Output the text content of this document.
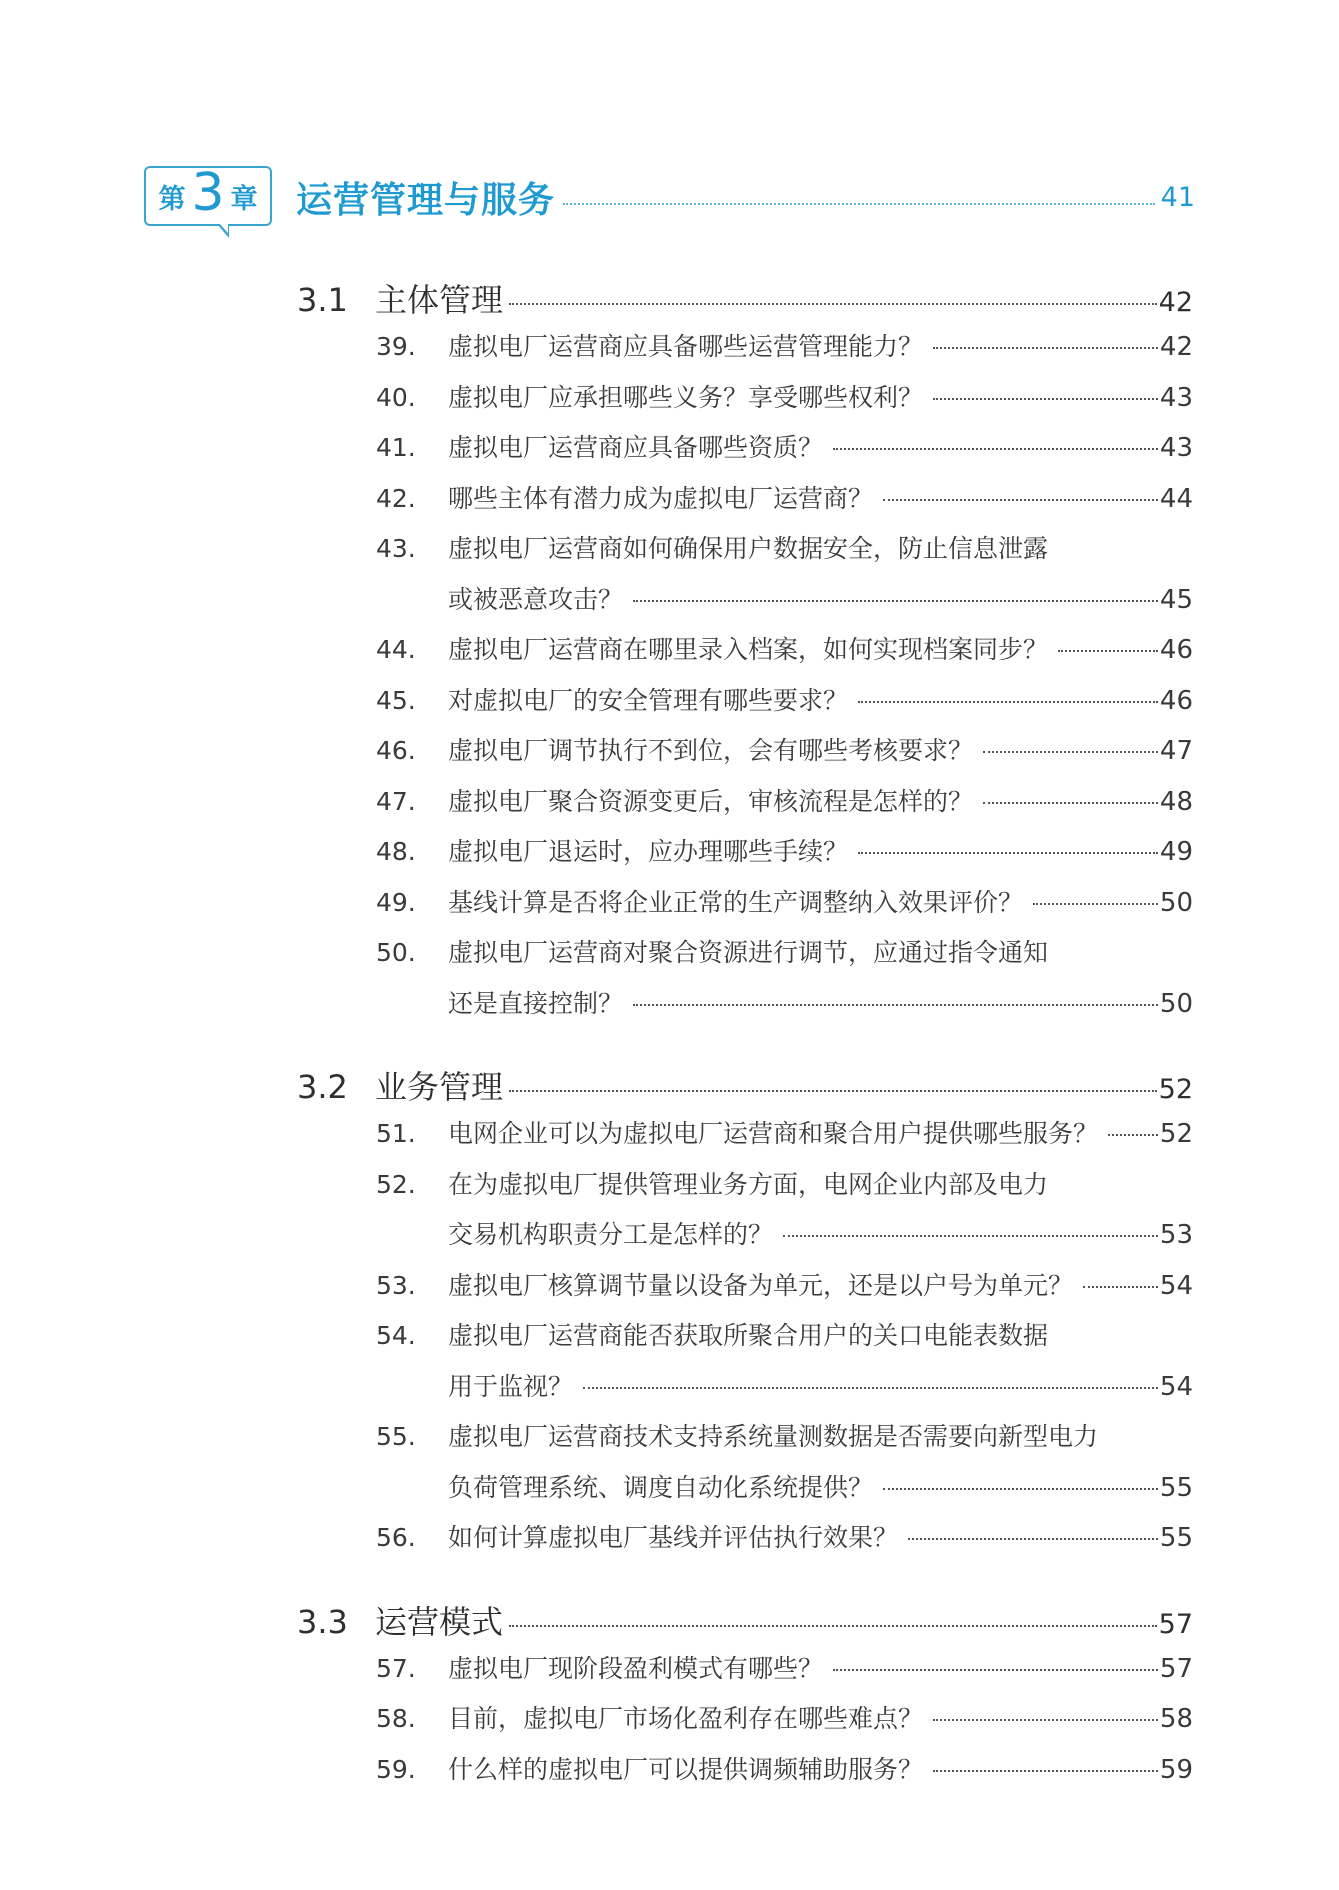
第 3 章 运营管理与服务	41
3.1 主体管理	42
39.	虚拟电厂运营商应具备哪些运营管理能力？	42
40.	虚拟电厂应承担哪些义务？享受哪些权利？	43
41.	虚拟电厂运营商应具备哪些资质？	43
42.	哪些主体有潜力成为虚拟电厂运营商？	44
43.	虚拟电厂运营商如何确保用户数据安全，防止信息泄露
或被恶意攻击？	45
44.	虚拟电厂运营商在哪里录入档案，如何实现档案同步？	46
45.	对虚拟电厂的安全管理有哪些要求？	46
46.	虚拟电厂调节执行不到位，会有哪些考核要求？	47
47.	虚拟电厂聚合资源变更后，审核流程是怎样的？	48
48.	虚拟电厂退运时，应办理哪些手续？	49
49.	基线计算是否将企业正常的生产调整纳入效果评价？	50
50.	虚拟电厂运营商对聚合资源进行调节，应通过指令通知
还是直接控制？	50
3.2 业务管理	52
51.	电网企业可以为虚拟电厂运营商和聚合用户提供哪些服务？ 52
52.	在为虚拟电厂提供管理业务方面，电网企业内部及电力
交易机构职责分工是怎样的？	53
53.	虚拟电厂核算调节量以设备为单元，还是以户号为单元？	54
54.	虚拟电厂运营商能否获取所聚合用户的关口电能表数据
用于监视？	54
55.	虚拟电厂运营商技术支持系统量测数据是否需要向新型电力
负荷管理系统、调度自动化系统提供？	55
56.	如何计算虚拟电厂基线并评估执行效果？	55
3.3 运营模式	57
57.	虚拟电厂现阶段盈利模式有哪些？	57
58.	目前，虚拟电厂市场化盈利存在哪些难点？	58
59.	什么样的虚拟电厂可以提供调频辅助服务？	59
